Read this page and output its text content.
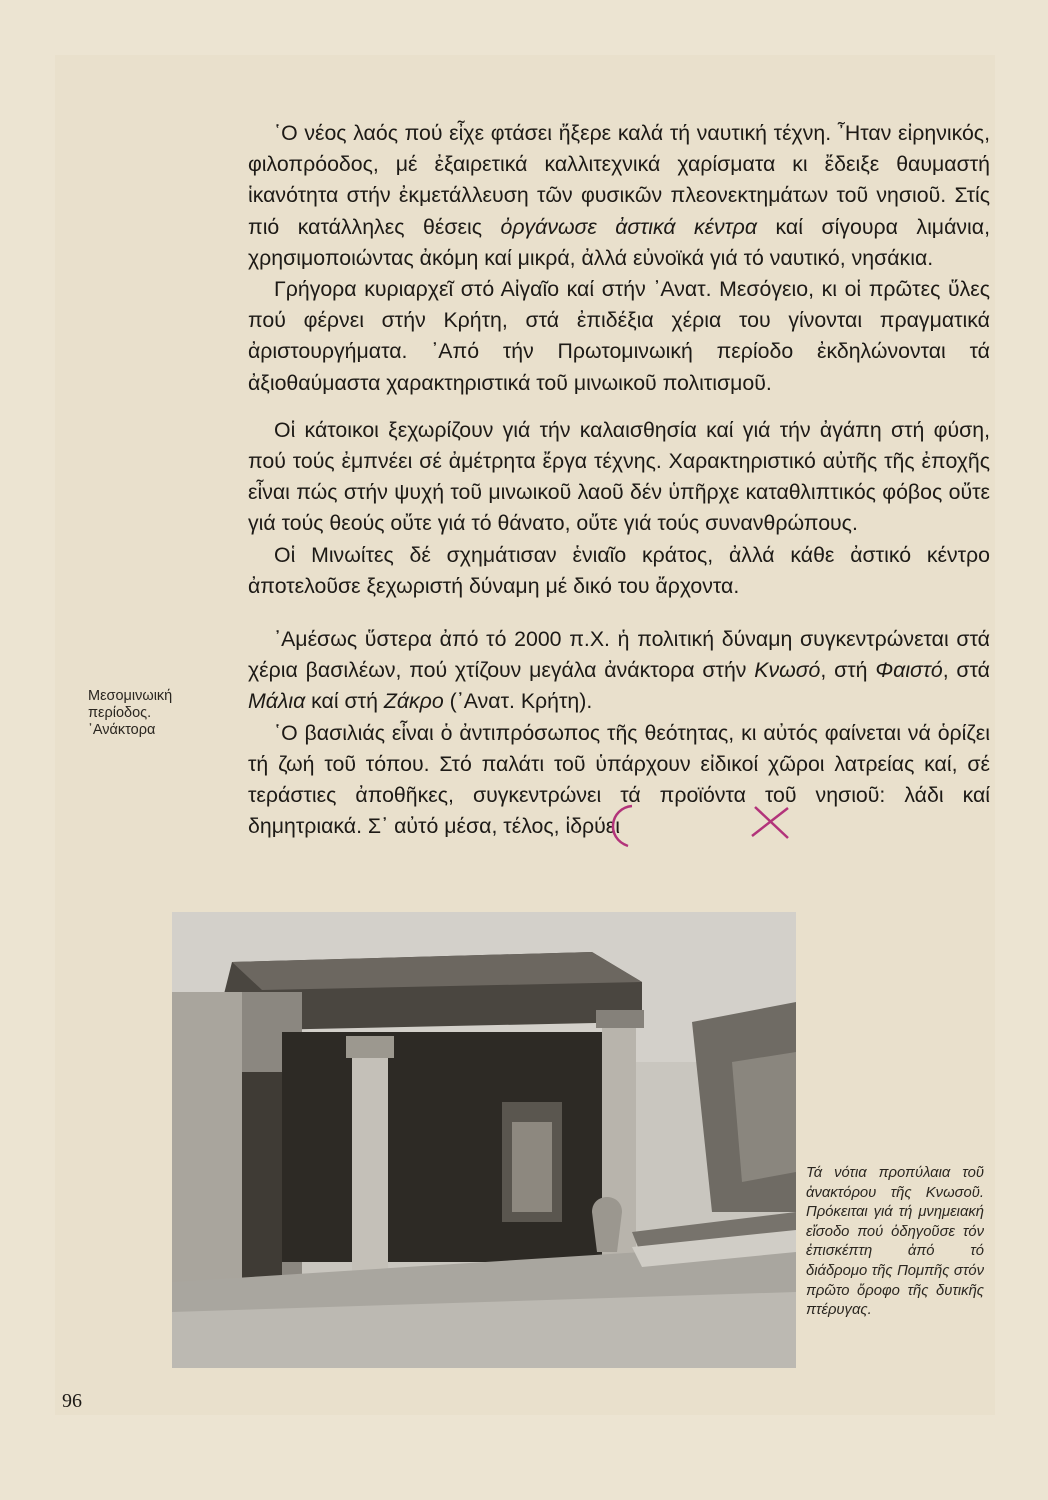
῾Ο νέος λαός πού εἶχε φτάσει ἤξερε καλά τή ναυτική τέχνη. ῏Ηταν εἰρηνικός, φιλοπρόοδος, μέ ἐξαιρετικά καλλιτεχνικά χαρίσματα κι ἔδειξε θαυμαστή ἱκανότητα στήν ἐκμετάλλευση τῶν φυσικῶν πλεονεκτημάτων τοῦ νησιοῦ. Στίς πιό κατάλληλες θέσεις ὀργάνωσε ἀστικά κέντρα καί σίγουρα λιμάνια, χρησιμοποιώντας ἀκόμη καί μικρά, ἀλλά εὐνοϊκά γιά τό ναυτικό, νησάκια.

Γρήγορα κυριαρχεῖ στό Αἰγαῖο καί στήν ᾿Ανατ. Μεσόγειο, κι οἱ πρῶτες ὕλες πού φέρνει στήν Κρήτη, στά ἐπιδέξια χέρια του γίνονται πραγματικά ἀριστουργήματα. ᾿Από τήν Πρωτομινωική περίοδο ἐκδηλώνονται τά ἀξιοθαύμαστα χαρακτηριστικά τοῦ μινωικοῦ πολιτισμοῦ.

Οἱ κάτοικοι ξεχωρίζουν γιά τήν καλαισθησία καί γιά τήν ἀγάπη στή φύση, πού τούς ἐμπνέει σέ ἀμέτρητα ἔργα τέχνης. Χαρακτηριστικό αὐτῆς τῆς ἐποχῆς εἶναι πώς στήν ψυχή τοῦ μινωικοῦ λαοῦ δέν ὑπῆρχε καταθλιπτικός φόβος οὔτε γιά τούς θεούς οὔτε γιά τό θάνατο, οὔτε γιά τούς συνανθρώπους.

Οἱ Μινωίτες δέ σχημάτισαν ἑνιαῖο κράτος, ἀλλά κάθε ἀστικό κέντρο ἀποτελοῦσε ξεχωριστή δύναμη μέ δικό του ἄρχοντα.

᾿Αμέσως ὕστερα ἀπό τό 2000 π.Χ. ἡ πολιτική δύναμη συγκεντρώνεται στά χέρια βασιλέων, πού χτίζουν μεγάλα ἀνάκτορα στήν Κνωσό, στή Φαιστό, στά Μάλια καί στή Ζάκρο (᾿Ανατ. Κρήτη).

῾Ο βασιλιάς εἶναι ὁ ἀντιπρόσωπος τῆς θεότητας, κι αὐτός φαίνεται νά ὁρίζει τή ζωή τοῦ τόπου. Στό παλάτι τοῦ ὑπάρχουν εἰδικοί χῶροι λατρείας καί, σέ τεράστιες ἀποθῆκες, συγκεντρώνει τά προϊόντα τοῦ νησιοῦ: λάδι καί δημητριακά. Σ᾿ αὐτό μέσα, τέλος, ἱδρύει

Μεσομινωική
περίοδος.
᾿Ανάκτορα
Τά νότια προπύλαια τοῦ ἀνακτόρου τῆς Κνωσοῦ. Πρόκειται γιά τή μνημειακή εἴσοδο πού ὁδηγοῦσε τόν ἐπισκέπτη ἀπό τό διάδρομο τῆς Πομπῆς στόν πρῶτο ὄροφο τῆς δυτικῆς πτέρυγας.
96
